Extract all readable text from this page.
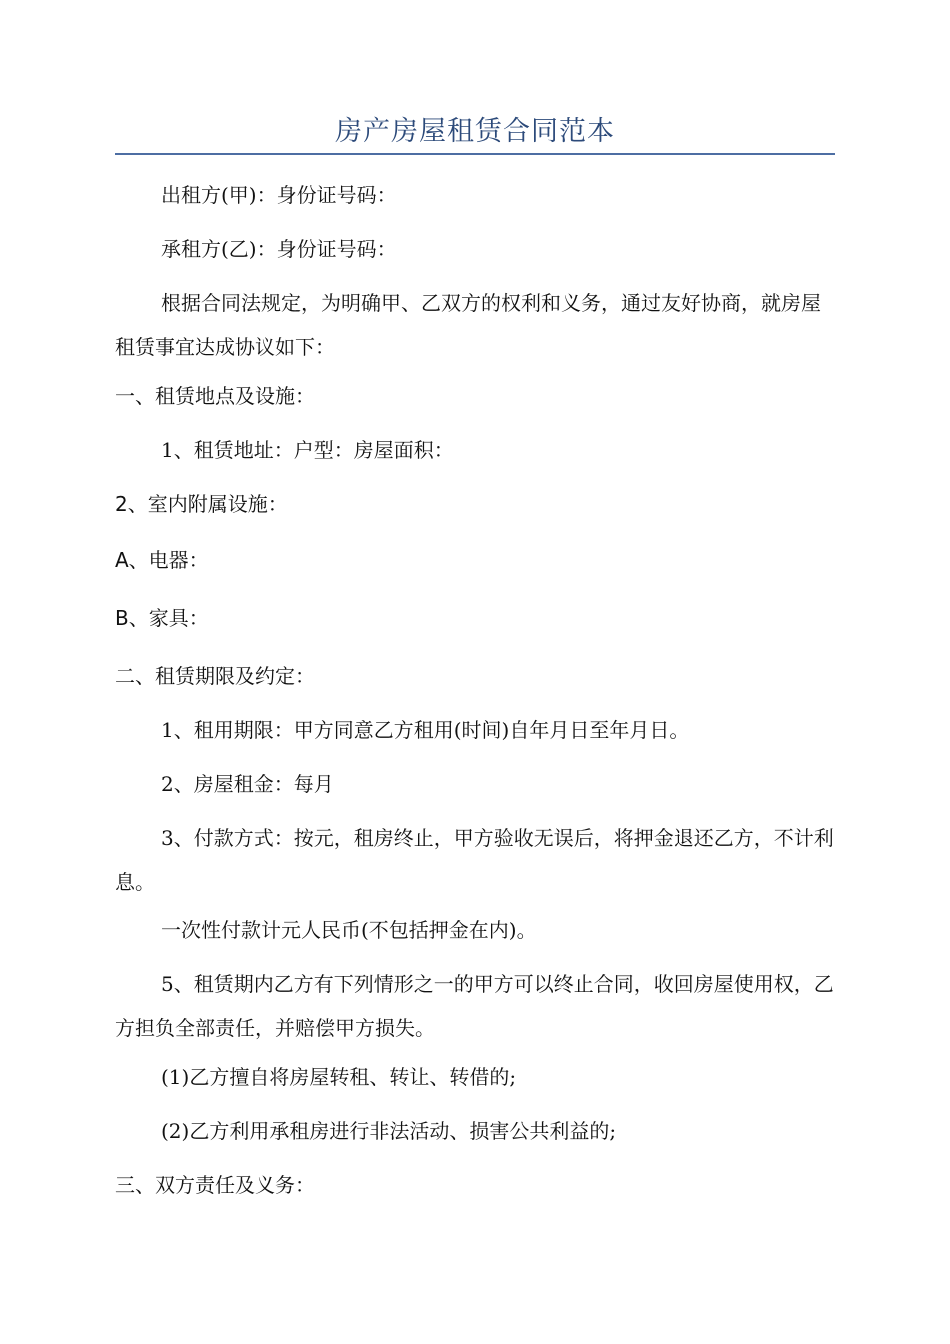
房产房屋租赁合同范本

出租方(甲)：身份证号码：

承租方(乙)：身份证号码：

根据合同法规定，为明确甲、乙双方的权利和义务，通过友好协商，就房屋租赁事宜达成协议如下：

一、租赁地点及设施：

1、租赁地址：户型：房屋面积：

2、室内附属设施：

A、电器：

B、家具：

二、租赁期限及约定：

1、租用期限：甲方同意乙方租用(时间)自年月日至年月日。

2、房屋租金：每月

3、付款方式：按元，租房终止，甲方验收无误后，将押金退还乙方，不计利息。

一次性付款计元人民币(不包括押金在内)。

5、租赁期内乙方有下列情形之一的甲方可以终止合同，收回房屋使用权，乙方担负全部责任，并赔偿甲方损失。

(1)乙方擅自将房屋转租、转让、转借的;

(2)乙方利用承租房进行非法活动、损害公共利益的;

三、双方责任及义务：
